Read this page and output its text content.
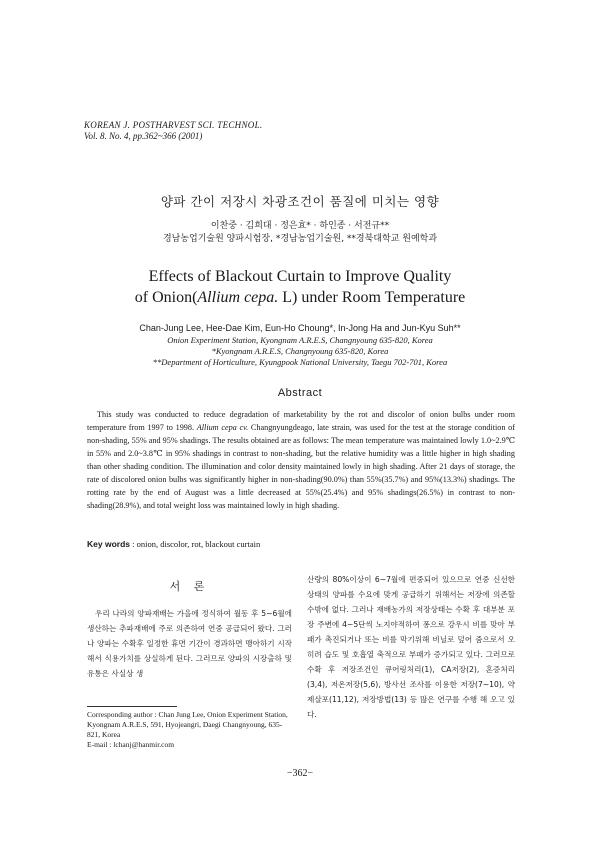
KOREAN J. POSTHARVEST SCI. TECHNOL.
Vol. 8. No. 4, pp.362~366 (2001)
양파 간이 저장시 차광조건이 품질에 미치는 영향
이찬중 · 김희대 · 정은효* · 하인종 · 서전규**
경남농업기술원 양파시험장, *경남농업기술원, **경북대학교 원예학과
Effects of Blackout Curtain to Improve Quality
of Onion(Allium cepa. L) under Room Temperature
Chan-Jung Lee, Hee-Dae Kim, Eun-Ho Choung*, In-Jong Ha and Jun-Kyu Suh**
Onion Experiment Station, Kyongnam A.R.E.S, Changnyoung 635-820, Korea
*Kyongnam A.R.E.S, Changnyoung 635-820, Korea
**Department of Horticulture, Kyungpook National University, Taegu 702-701, Korea
Abstract

This study was conducted to reduce degradation of marketability by the rot and discolor of onion bulbs under room temperature from 1997 to 1998. Allium cepa cv. Changnyungdeago, late strain, was used for the test at the storage condition of non-shading, 55% and 95% shadings. The results obtained are as follows: The mean temperature was maintained lowly 1.0~2.9℃ in 55% and 2.0~3.8℃ in 95% shadings in contrast to non-shading, but the relative humidity was a little higher in high shading than other shading condition. The illumination and color density maintained lowly in high shading. After 21 days of storage, the rate of discolored onion bulbs was significantly higher in non-shading(90.0%) than 55%(35.7%) and 95%(13.3%) shadings. The rotting rate by the end of August was a little decreased at 55%(25.4%) and 95% shadings(26.5%) in contrast to non-shading(28.9%), and total weight loss was maintained lowly in high shading.

Key words : onion, discolor, rot, blackout curtain
서 론

우리 나라의 양파재배는 가을에 정식하여 월동 후 5~6월에 생산하는 추파재배에 주로 의존하여 연중 공급되어 왔다. 그러나 양파는 수확후 일정한 휴면 기간이 경과하면 맹아하기 시작해서 식용가치를 상실하게 된다. 그러므로 양파의 시장출하 및 유통은 사실상 생

산량의 80%이상이 6~7월에 편중되어 있으므로 연중 신선한 상태의 양파를 수요에 맞게 공급하기 위해서는 저장에 의존할 수밖에 없다. 그러나 재배농가의 저장상태는 수확 후 대부분 포장 주변에 4~5단씩 노지야적하여 퐁으로 강우시 비를 맞아 부패가 촉진되거나 또는 비를 막기위해 비닐로 덮어 줌으로서 오히려 습도 및 호흡열 축적으로 부패가 증가되고 있다. 그러므로 수확 후 저장조건인 큐어링처리(1), CA저장(2), 혼증처리(3,4), 저온저장(5,6), 방사선 조사를 이용한 저장(7~10), 약제살포(11,12), 저장방법(13) 등 많은 연구를 수행 해 오고 있다.

Corresponding author : Chan Jung Lee, Onion Experiment Station, Kyongnam A.R.E.S, 591, Hyojeangri, Daegi Changnyoung, 635-821, Korea
E-mail : lchanj@hanmir.com
−362−
